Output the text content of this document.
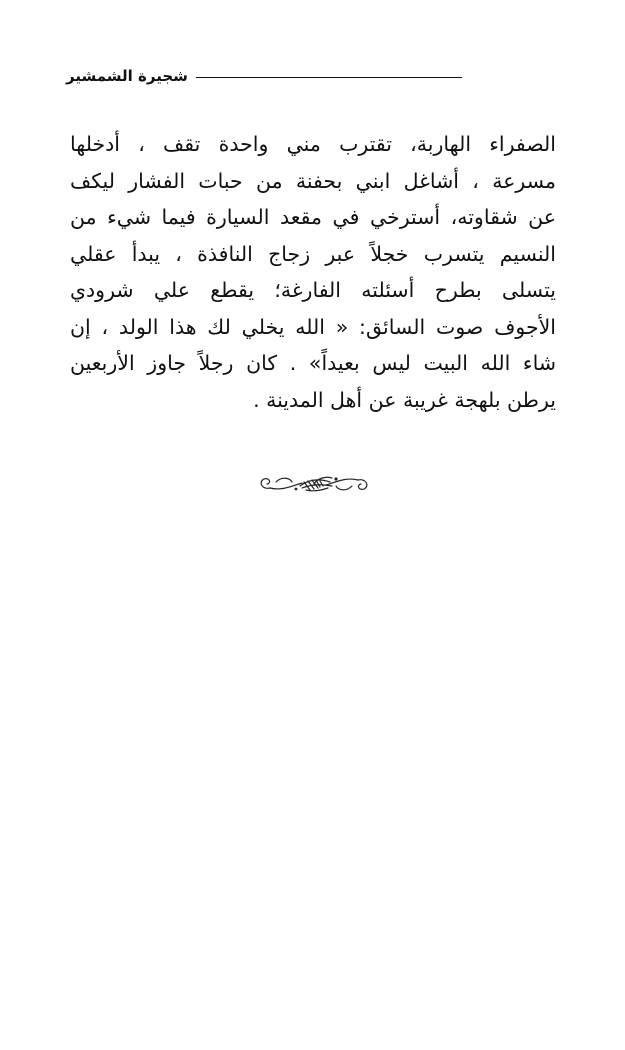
شجيرة الشمشير
الصفراء الهاربة، تقترب مني واحدة تقف ، أدخلها
مسرعة ، أشاغل ابني بحفنة من حبات الفشار ليكف
عن شقاوته، أسترخي في مقعد السيارة فيما شيء من
النسيم يتسرب خجلاً عبر زجاج النافذة ، يبدأ عقلي
يتسلى بطرح أسئلته الفارغة؛ يقطع علي شرودي
الأجوف صوت السائق: « الله يخلي لك هذا الولد ، إن
شاء الله البيت ليس بعيداً» . كان رجلاً جاوز الأربعين
يرطن بلهجة غريبة عن أهل المدينة .
